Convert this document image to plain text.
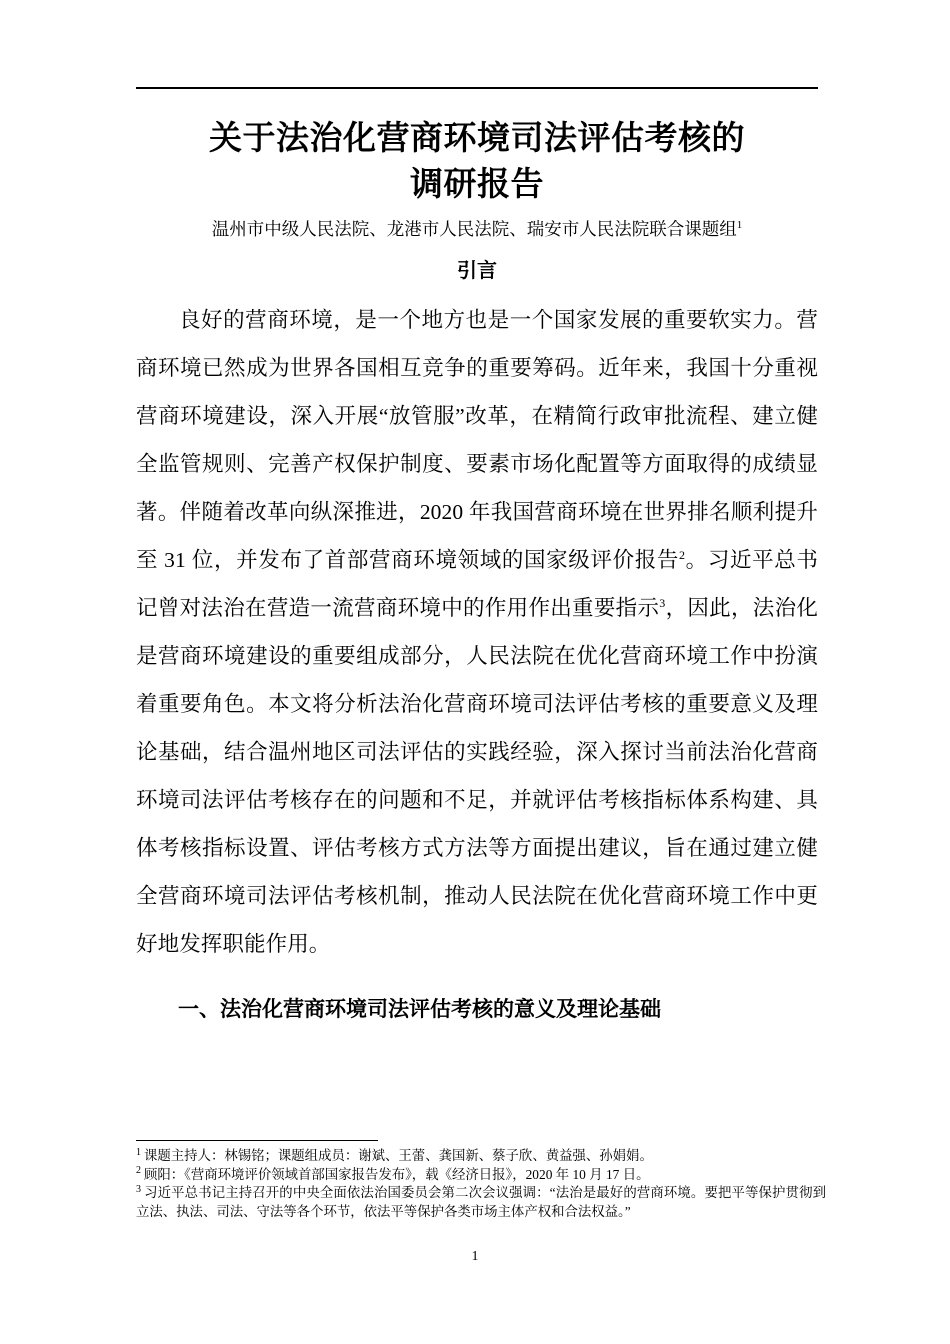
关于法治化营商环境司法评估考核的
调研报告
温州市中级人民法院、龙港市人民法院、瑞安市人民法院联合课题组$^1$
引言

良好的营商环境，是一个地方也是一个国家发展的重要软实力。营商环境已然成为世界各国相互竞争的重要筹码。近年来，我国十分重视营商环境建设，深入开展“放管服”改革，在精简行政审批流程、建立健全监管规则、完善产权保护制度、要素市场化配置等方面取得的成绩显著。伴随着改革向纵深推进，2020 年我国营商环境在世界排名顺利提升至 31 位，并发布了首部营商环境领域的国家级评价报告$^2$。习近平总书记曾对法治在营造一流营商环境中的作用作出重要指示$^3$，因此，法治化是营商环境建设的重要组成部分，人民法院在优化营商环境工作中扮演着重要角色。本文将分析法治化营商环境司法评估考核的重要意义及理论基础，结合温州地区司法评估的实践经验，深入探讨当前法治化营商环境司法评估考核存在的问题和不足，并就评估考核指标体系构建、具体考核指标设置、评估考核方式方法等方面提出建议，旨在通过建立健全营商环境司法评估考核机制，推动人民法院在优化营商环境工作中更好地发挥职能作用。

一、法治化营商环境司法评估考核的意义及理论基础
$^1$ 课题主持人：林锡铭；课题组成员：谢斌、王蕾、龚国新、蔡子欣、黄益强、孙娟娟。
$^2$ 顾阳：《营商环境评价领域首部国家报告发布》，载《经济日报》，2020 年 10 月 17 日。
$^3$ 习近平总书记主持召开的中央全面依法治国委员会第二次会议强调：“法治是最好的营商环境。要把平等保护贯彻到立法、执法、司法、守法等各个环节，依法平等保护各类市场主体产权和合法权益。”
1
